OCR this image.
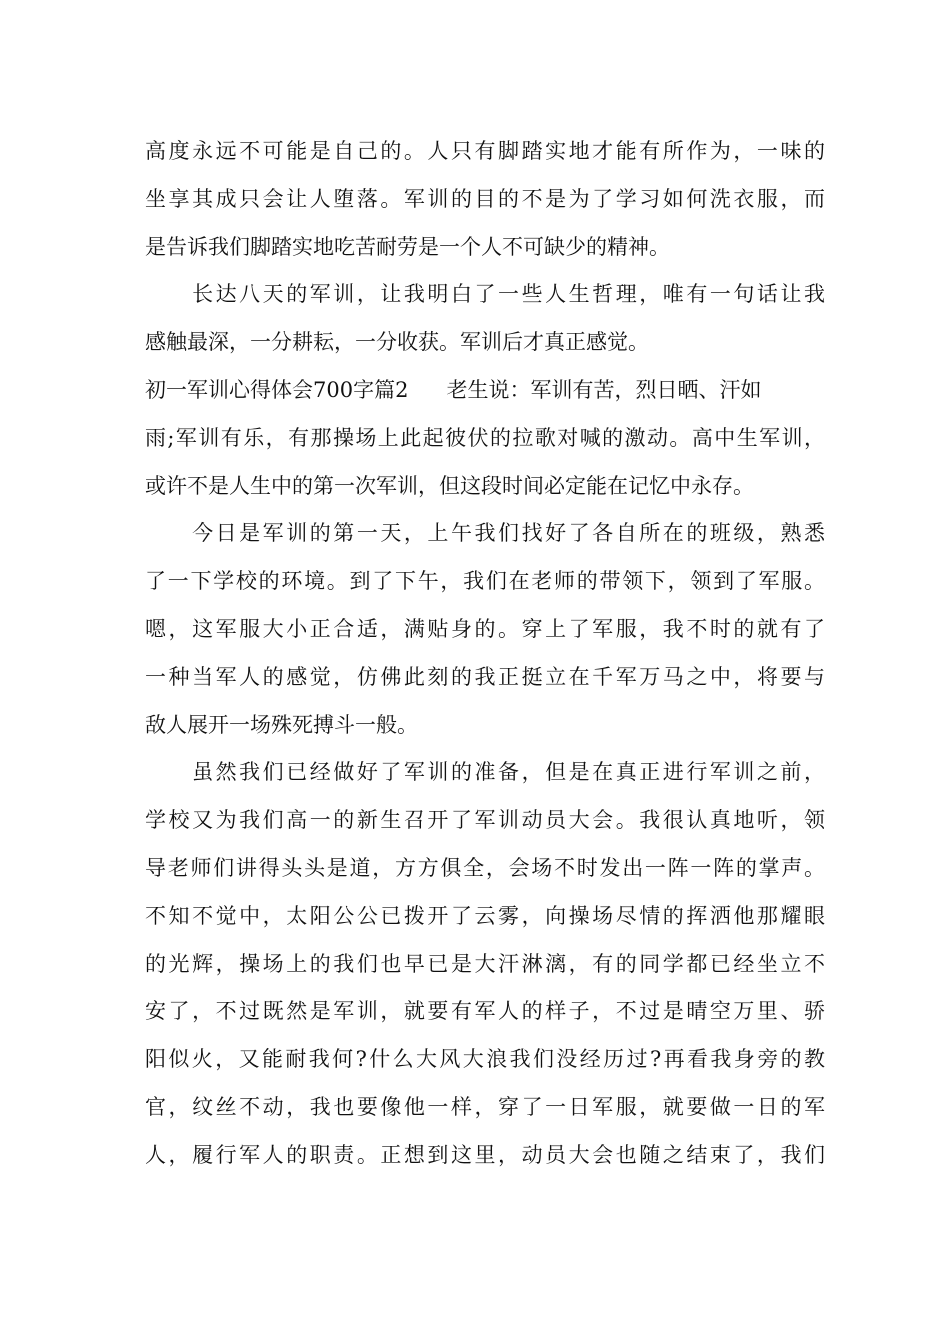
高度永远不可能是自己的。人只有脚踏实地才能有所作为，一味的
坐享其成只会让人堕落。军训的目的不是为了学习如何洗衣服，而
是告诉我们脚踏实地吃苦耐劳是一个人不可缺少的精神。
　　长达八天的军训，让我明白了一些人生哲理，唯有一句话让我
感触最深，一分耕耘，一分收获。军训后才真正感觉。
初一军训心得体会700字篇2 老生说：军训有苦，烈日晒、汗如
雨;军训有乐，有那操场上此起彼伏的拉歌对喊的激动。高中生军训，
或许不是人生中的第一次军训，但这段时间必定能在记忆中永存。
　　今日是军训的第一天，上午我们找好了各自所在的班级，熟悉
了一下学校的环境。到了下午，我们在老师的带领下，领到了军服。
嗯，这军服大小正合适，满贴身的。穿上了军服，我不时的就有了
一种当军人的感觉，仿佛此刻的我正挺立在千军万马之中，将要与
敌人展开一场殊死搏斗一般。
　　虽然我们已经做好了军训的准备，但是在真正进行军训之前，
学校又为我们高一的新生召开了军训动员大会。我很认真地听，领
导老师们讲得头头是道，方方俱全，会场不时发出一阵一阵的掌声。
不知不觉中，太阳公公已拨开了云雾，向操场尽情的挥洒他那耀眼
的光辉，操场上的我们也早已是大汗淋漓，有的同学都已经坐立不
安了，不过既然是军训，就要有军人的样子，不过是晴空万里、骄
阳似火，又能耐我何?什么大风大浪我们没经历过?再看我身旁的教
官，纹丝不动，我也要像他一样，穿了一日军服，就要做一日的军
人，履行军人的职责。正想到这里，动员大会也随之结束了，我们
